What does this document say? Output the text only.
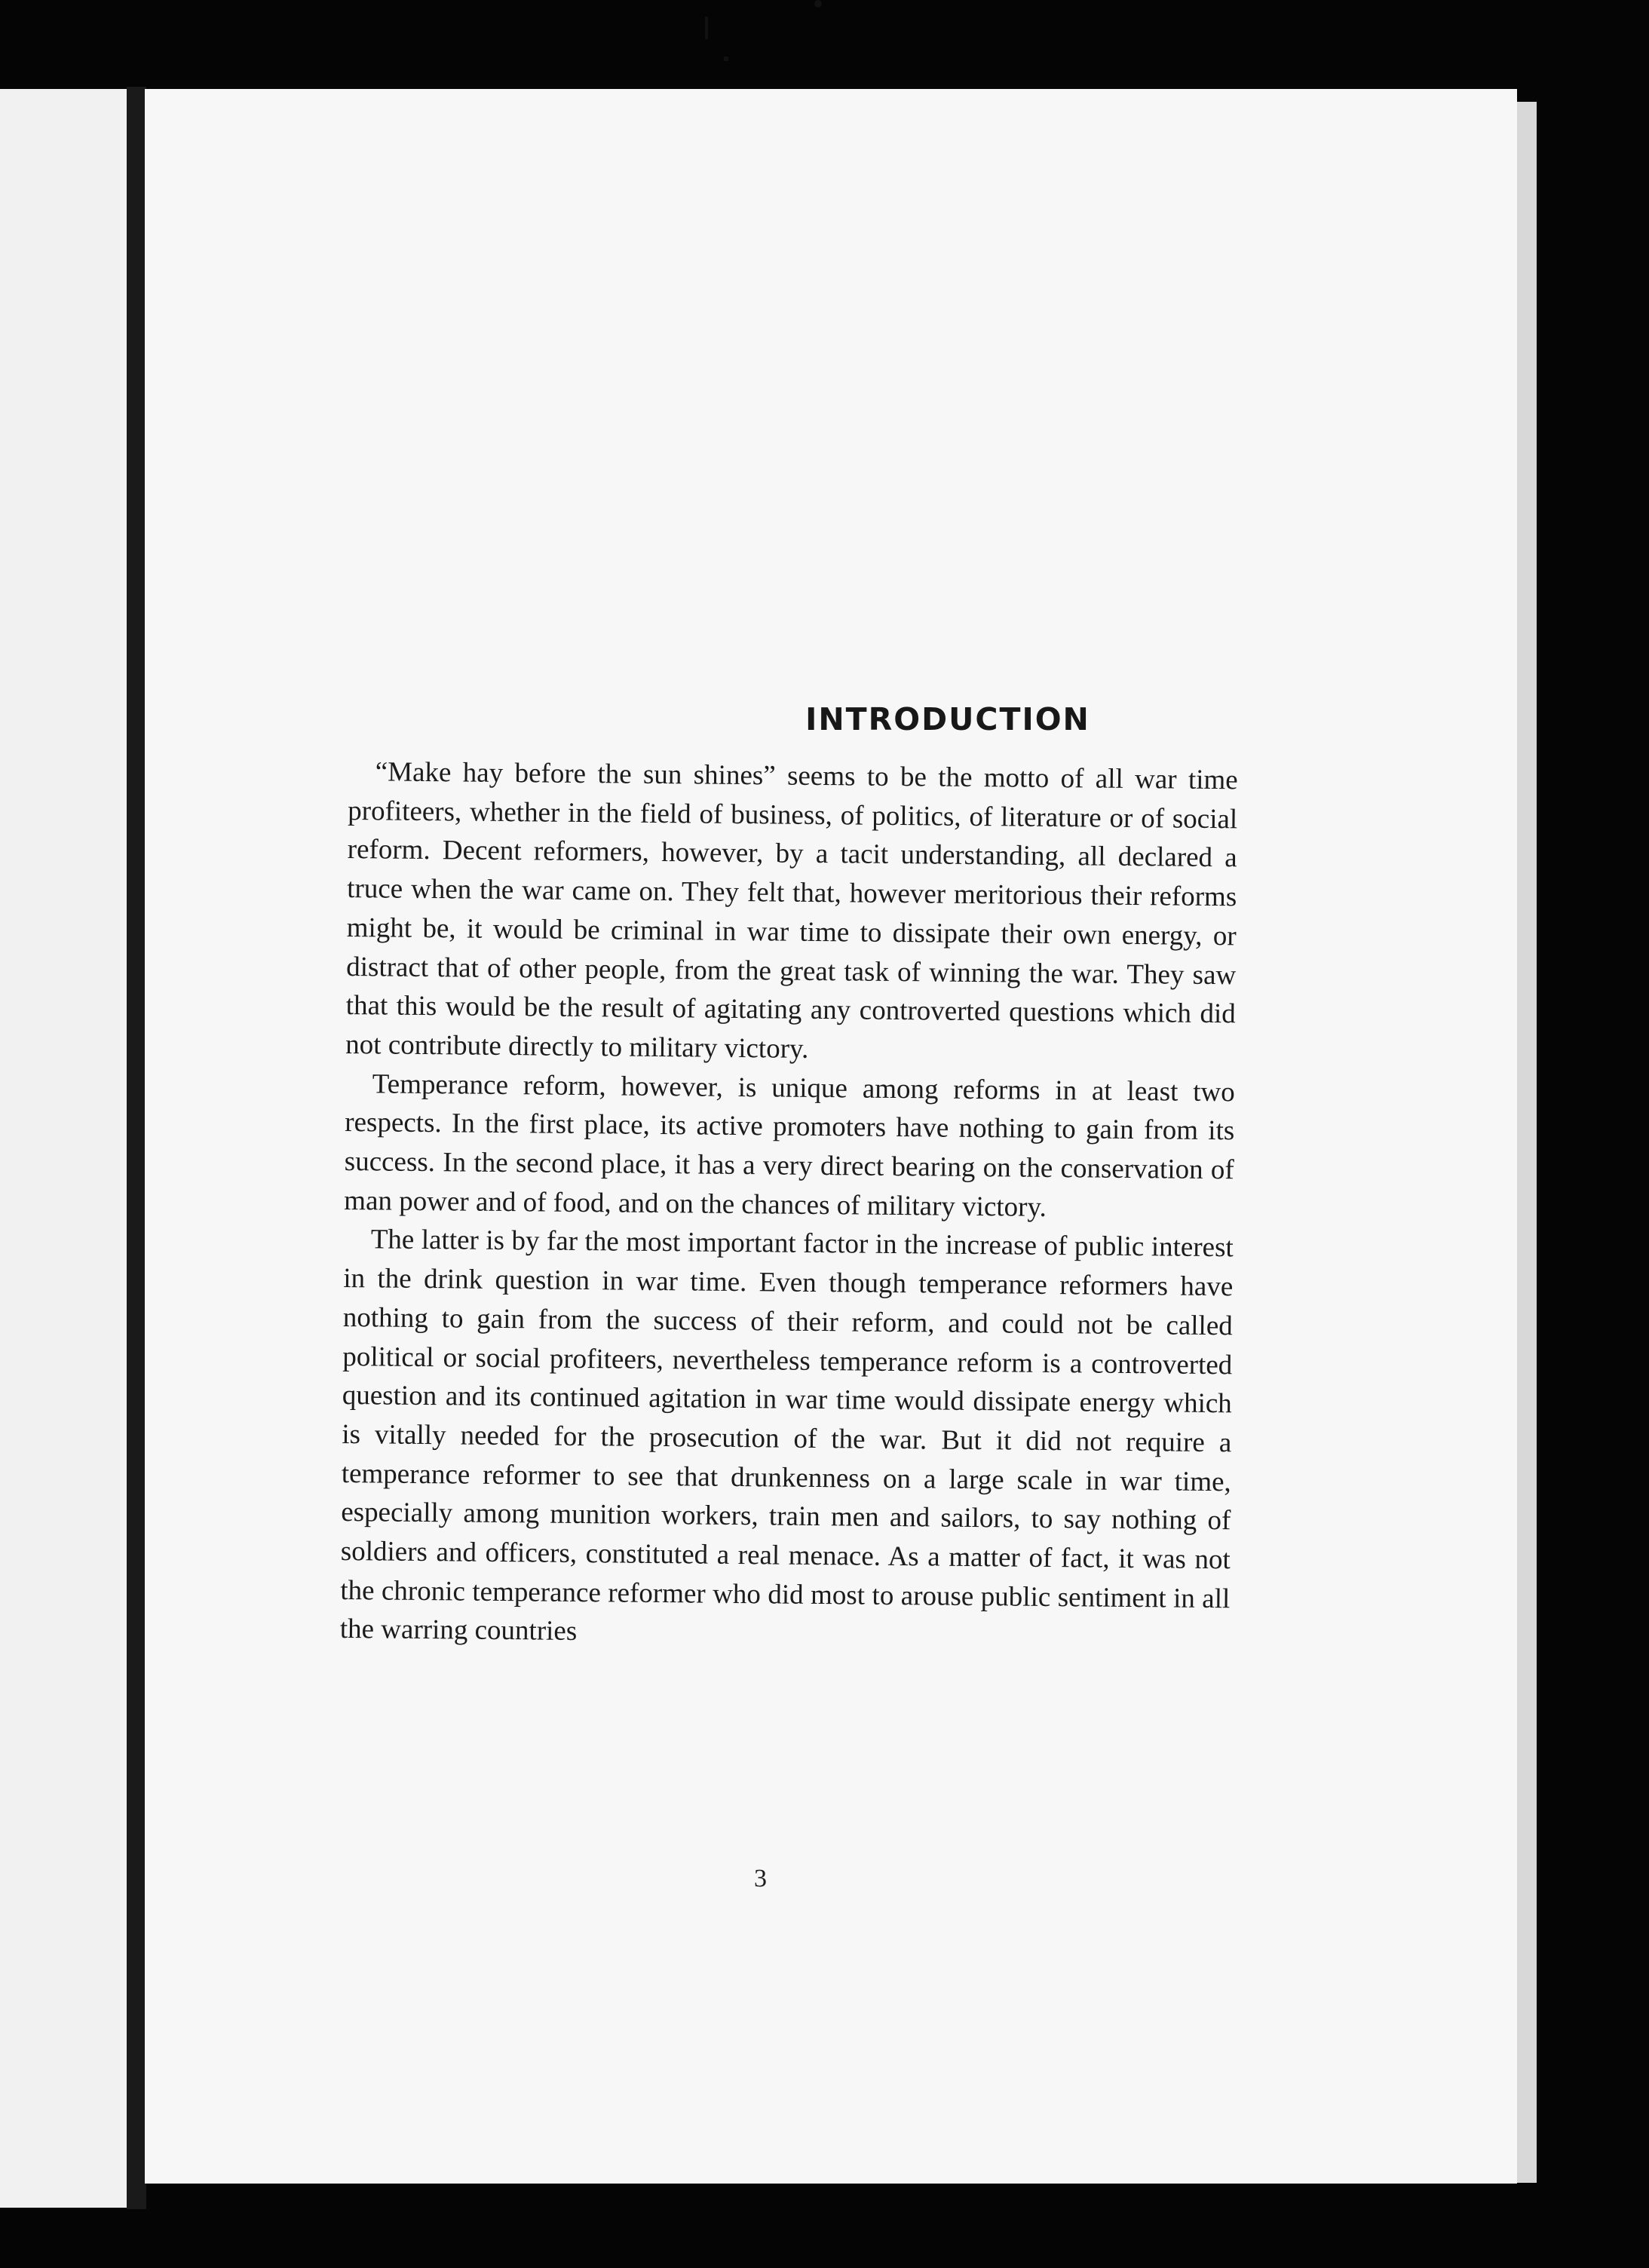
INTRODUCTION

“Make hay before the sun shines” seems to be the motto of all war time profiteers, whether in the field of business, of politics, of literature or of social reform. Decent reformers, however, by a tacit understanding, all declared a truce when the war came on. They felt that, however meritorious their reforms might be, it would be criminal in war time to dissipate their own energy, or distract that of other people, from the great task of winning the war. They saw that this would be the result of agitating any controverted questions which did not contribute directly to military victory.

Temperance reform, however, is unique among reforms in at least two respects. In the first place, its active promoters have nothing to gain from its success. In the second place, it has a very direct bearing on the conservation of man power and of food, and on the chances of military victory.

The latter is by far the most important factor in the increase of public interest in the drink question in war time. Even though temperance reformers have nothing to gain from the success of their reform, and could not be called political or social profiteers, nevertheless temperance reform is a controverted question and its continued agitation in war time would dissipate energy which is vitally needed for the prosecution of the war. But it did not require a temperance reformer to see that drunkenness on a large scale in war time, especially among munition workers, train men and sailors, to say nothing of soldiers and officers, constituted a real menace. As a matter of fact, it was not the chronic temperance reformer who did most to arouse public sentiment in all the warring countries

3
